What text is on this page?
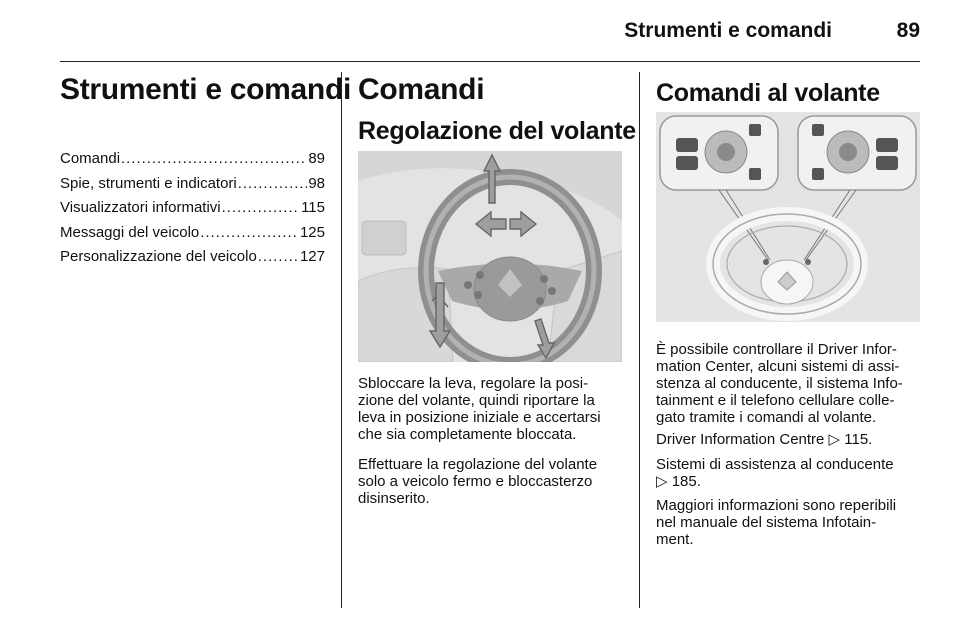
Strumenti e comandi	89
Strumenti e comandi
Comandi . . .	89
Spie, strumenti e indicatori . . .	98
Visualizzatori informativi . . .	115
Messaggi del veicolo . . .	125
Personalizzazione del veicolo . . .	127
Comandi
Regolazione del volante
Sbloccare la leva, regolare la posi-
zione del volante, quindi riportare la
leva in posizione iniziale e accertarsi
che sia completamente bloccata.
Effettuare la regolazione del volante
solo a veicolo fermo e bloccasterzo
disinserito.
Comandi al volante
È possibile controllare il Driver Infor-
mation Center, alcuni sistemi di assi-
stenza al conducente, il sistema Info-
tainment e il telefono cellulare colle-
gato tramite i comandi al volante.
Driver Information Centre ▷ 115.
Sistemi di assistenza al conducente
▷ 185.
Maggiori informazioni sono reperibili
nel manuale del sistema Infotain-
ment.
